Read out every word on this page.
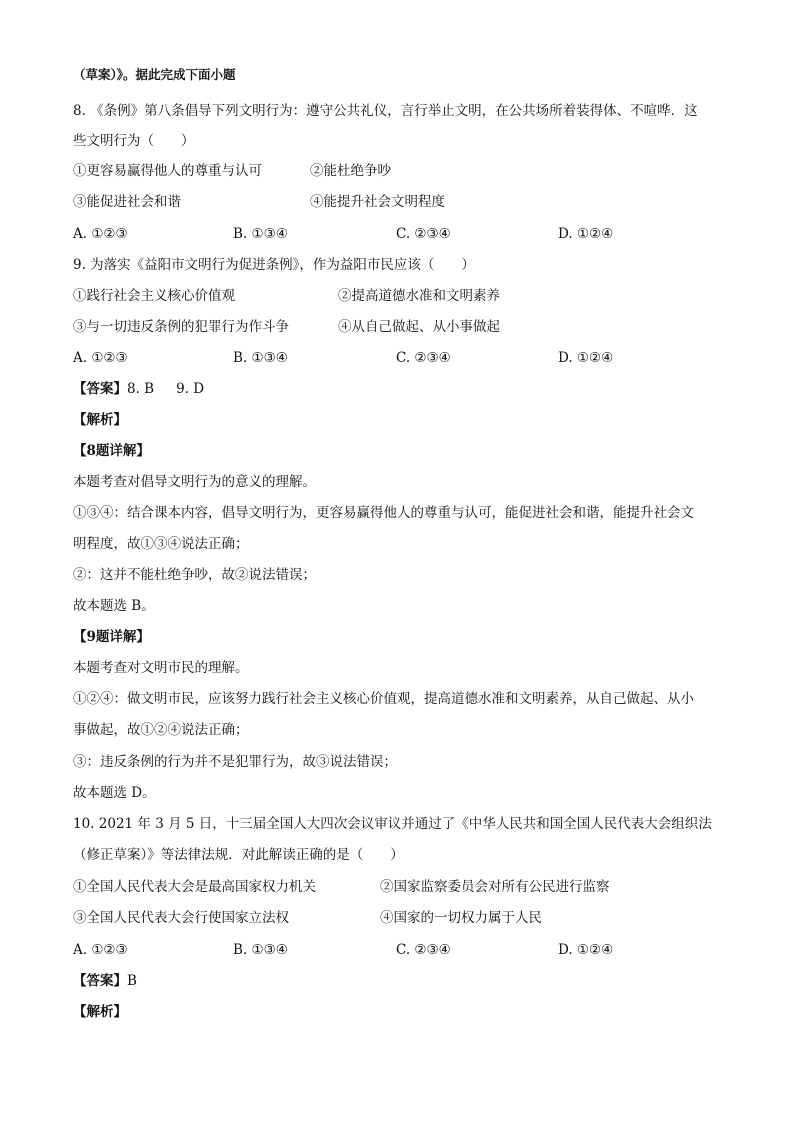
（草案）》。据此完成下面小题
8. 《条例》第八条倡导下列文明行为：遵守公共礼仪，言行举止文明，在公共场所着装得体、不喧哗．这
些文明行为（　　）
①更容易赢得他人的尊重与认可	②能杜绝争吵
③能促进社会和谐	④能提升社会文明程度
A. ①②③	B. ①③④	C. ②③④	D. ①②④
9. 为落实《益阳市文明行为促进条例》，作为益阳市民应该（　　）
①践行社会主义核心价值观	②提高道德水准和文明素养
③与一切违反条例的犯罪行为作斗争	④从自己做起、从小事做起
A. ①②③	B. ①③④	C. ②③④	D. ①②④
【答案】8. B 9. D
【解析】
【8题详解】
本题考查对倡导文明行为的意义的理解。
①③④：结合课本内容，倡导文明行为，更容易赢得他人的尊重与认可，能促进社会和谐，能提升社会文
明程度，故①③④说法正确；
②：这并不能杜绝争吵，故②说法错误；
故本题选 B。
【9题详解】
本题考查对文明市民的理解。
①②④：做文明市民，应该努力践行社会主义核心价值观，提高道德水准和文明素养，从自己做起、从小
事做起，故①②④说法正确；
③：违反条例的行为并不是犯罪行为，故③说法错误；
故本题选 D。
10. 2021 年 3 月 5 日，十三届全国人大四次会议审议并通过了《中华人民共和国全国人民代表大会组织法
（修正草案）》等法律法规．对此解读正确的是（　　）
①全国人民代表大会是最高国家权力机关	②国家监察委员会对所有公民进行监察
③全国人民代表大会行使国家立法权	④国家的一切权力属于人民
A. ①②③	B. ①③④	C. ②③④	D. ①②④
【答案】B
【解析】
